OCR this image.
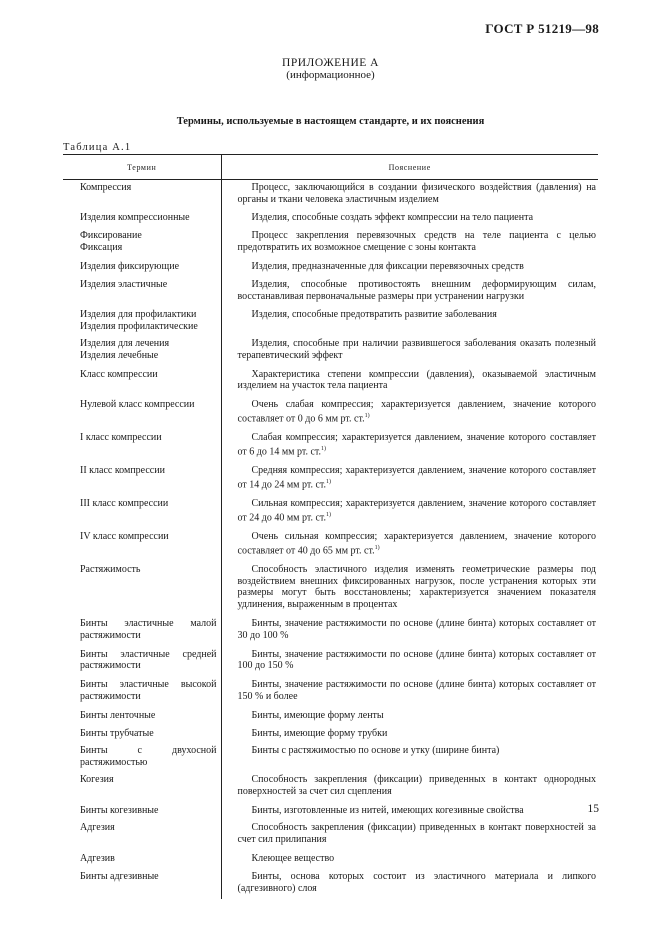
ГОСТ Р 51219—98
ПРИЛОЖЕНИЕ А
(информационное)
Термины, используемые в настоящем стандарте, и их пояснения
Таблица А.1
Термин	Пояснение
Компрессия	Процесс, заключающийся в создании физического воздействия (давления) на органы и ткани человека эластичным изделием
Изделия компрессионные	Изделия, способные создать эффект компрессии на тело пациента
Фиксирование
Фиксация	Процесс закрепления перевязочных средств на теле пациента с целью предотвратить их возможное смещение с зоны контакта
Изделия фиксирующие	Изделия, предназначенные для фиксации перевязочных средств
Изделия эластичные	Изделия, способные противостоять внешним деформирующим силам, восстанавливая первоначальные размеры при устранении нагрузки
Изделия для профилактики
Изделия профилактические	Изделия, способные предотвратить развитие заболевания
Изделия для лечения
Изделия лечебные	Изделия, способные при наличии развившегося заболевания оказать полезный терапевтический эффект
Класс компрессии	Характеристика степени компрессии (давления), оказываемой эластичным изделием на участок тела пациента
Нулевой класс компрессии	Очень слабая компрессия; характеризуется давлением, значение которого составляет от 0 до 6 мм рт. ст.$^{1)}$
I класс компрессии	Слабая компрессия; характеризуется давлением, значение которого составляет от 6 до 14 мм рт. ст.$^{1)}$
II класс компрессии	Средняя компрессия; характеризуется давлением, значение которого составляет от 14 до 24 мм рт. ст.$^{1)}$
III класс компрессии	Сильная компрессия; характеризуется давлением, значение которого составляет от 24 до 40 мм рт. ст.$^{1)}$
IV класс компрессии	Очень сильная компрессия; характеризуется давлением, значение которого составляет от 40 до 65 мм рт. ст.$^{1)}$
Растяжимость	Способность эластичного изделия изменять геометрические размеры под воздействием внешних фиксированных нагрузок, после устранения которых эти размеры могут быть восстановлены; характеризуется значением показателя удлинения, выраженным в процентах
Бинты эластичные малой растяжимости	Бинты, значение растяжимости по основе (длине бинта) которых составляет от 30 до 100 %
Бинты эластичные средней растяжимости	Бинты, значение растяжимости по основе (длине бинта) которых составляет от 100 до 150 %
Бинты эластичные высокой растяжимости	Бинты, значение растяжимости по основе (длине бинта) которых составляет от 150 % и более
Бинты ленточные	Бинты, имеющие форму ленты
Бинты трубчатые	Бинты, имеющие форму трубки
Бинты с двухосной растяжимостью	Бинты с растяжимостью по основе и утку (ширине бинта)
Когезия	Способность закрепления (фиксации) приведенных в контакт однородных поверхностей за счет сил сцепления
Бинты когезивные	Бинты, изготовленные из нитей, имеющих когезивные свойства
Адгезия	Способность закрепления (фиксации) приведенных в контакт поверхностей за счет сил прилипания
Адгезив	Клеющее вещество
Бинты адгезивные	Бинты, основа которых состоит из эластичного материала и липкого (адгезивного) слоя
15
